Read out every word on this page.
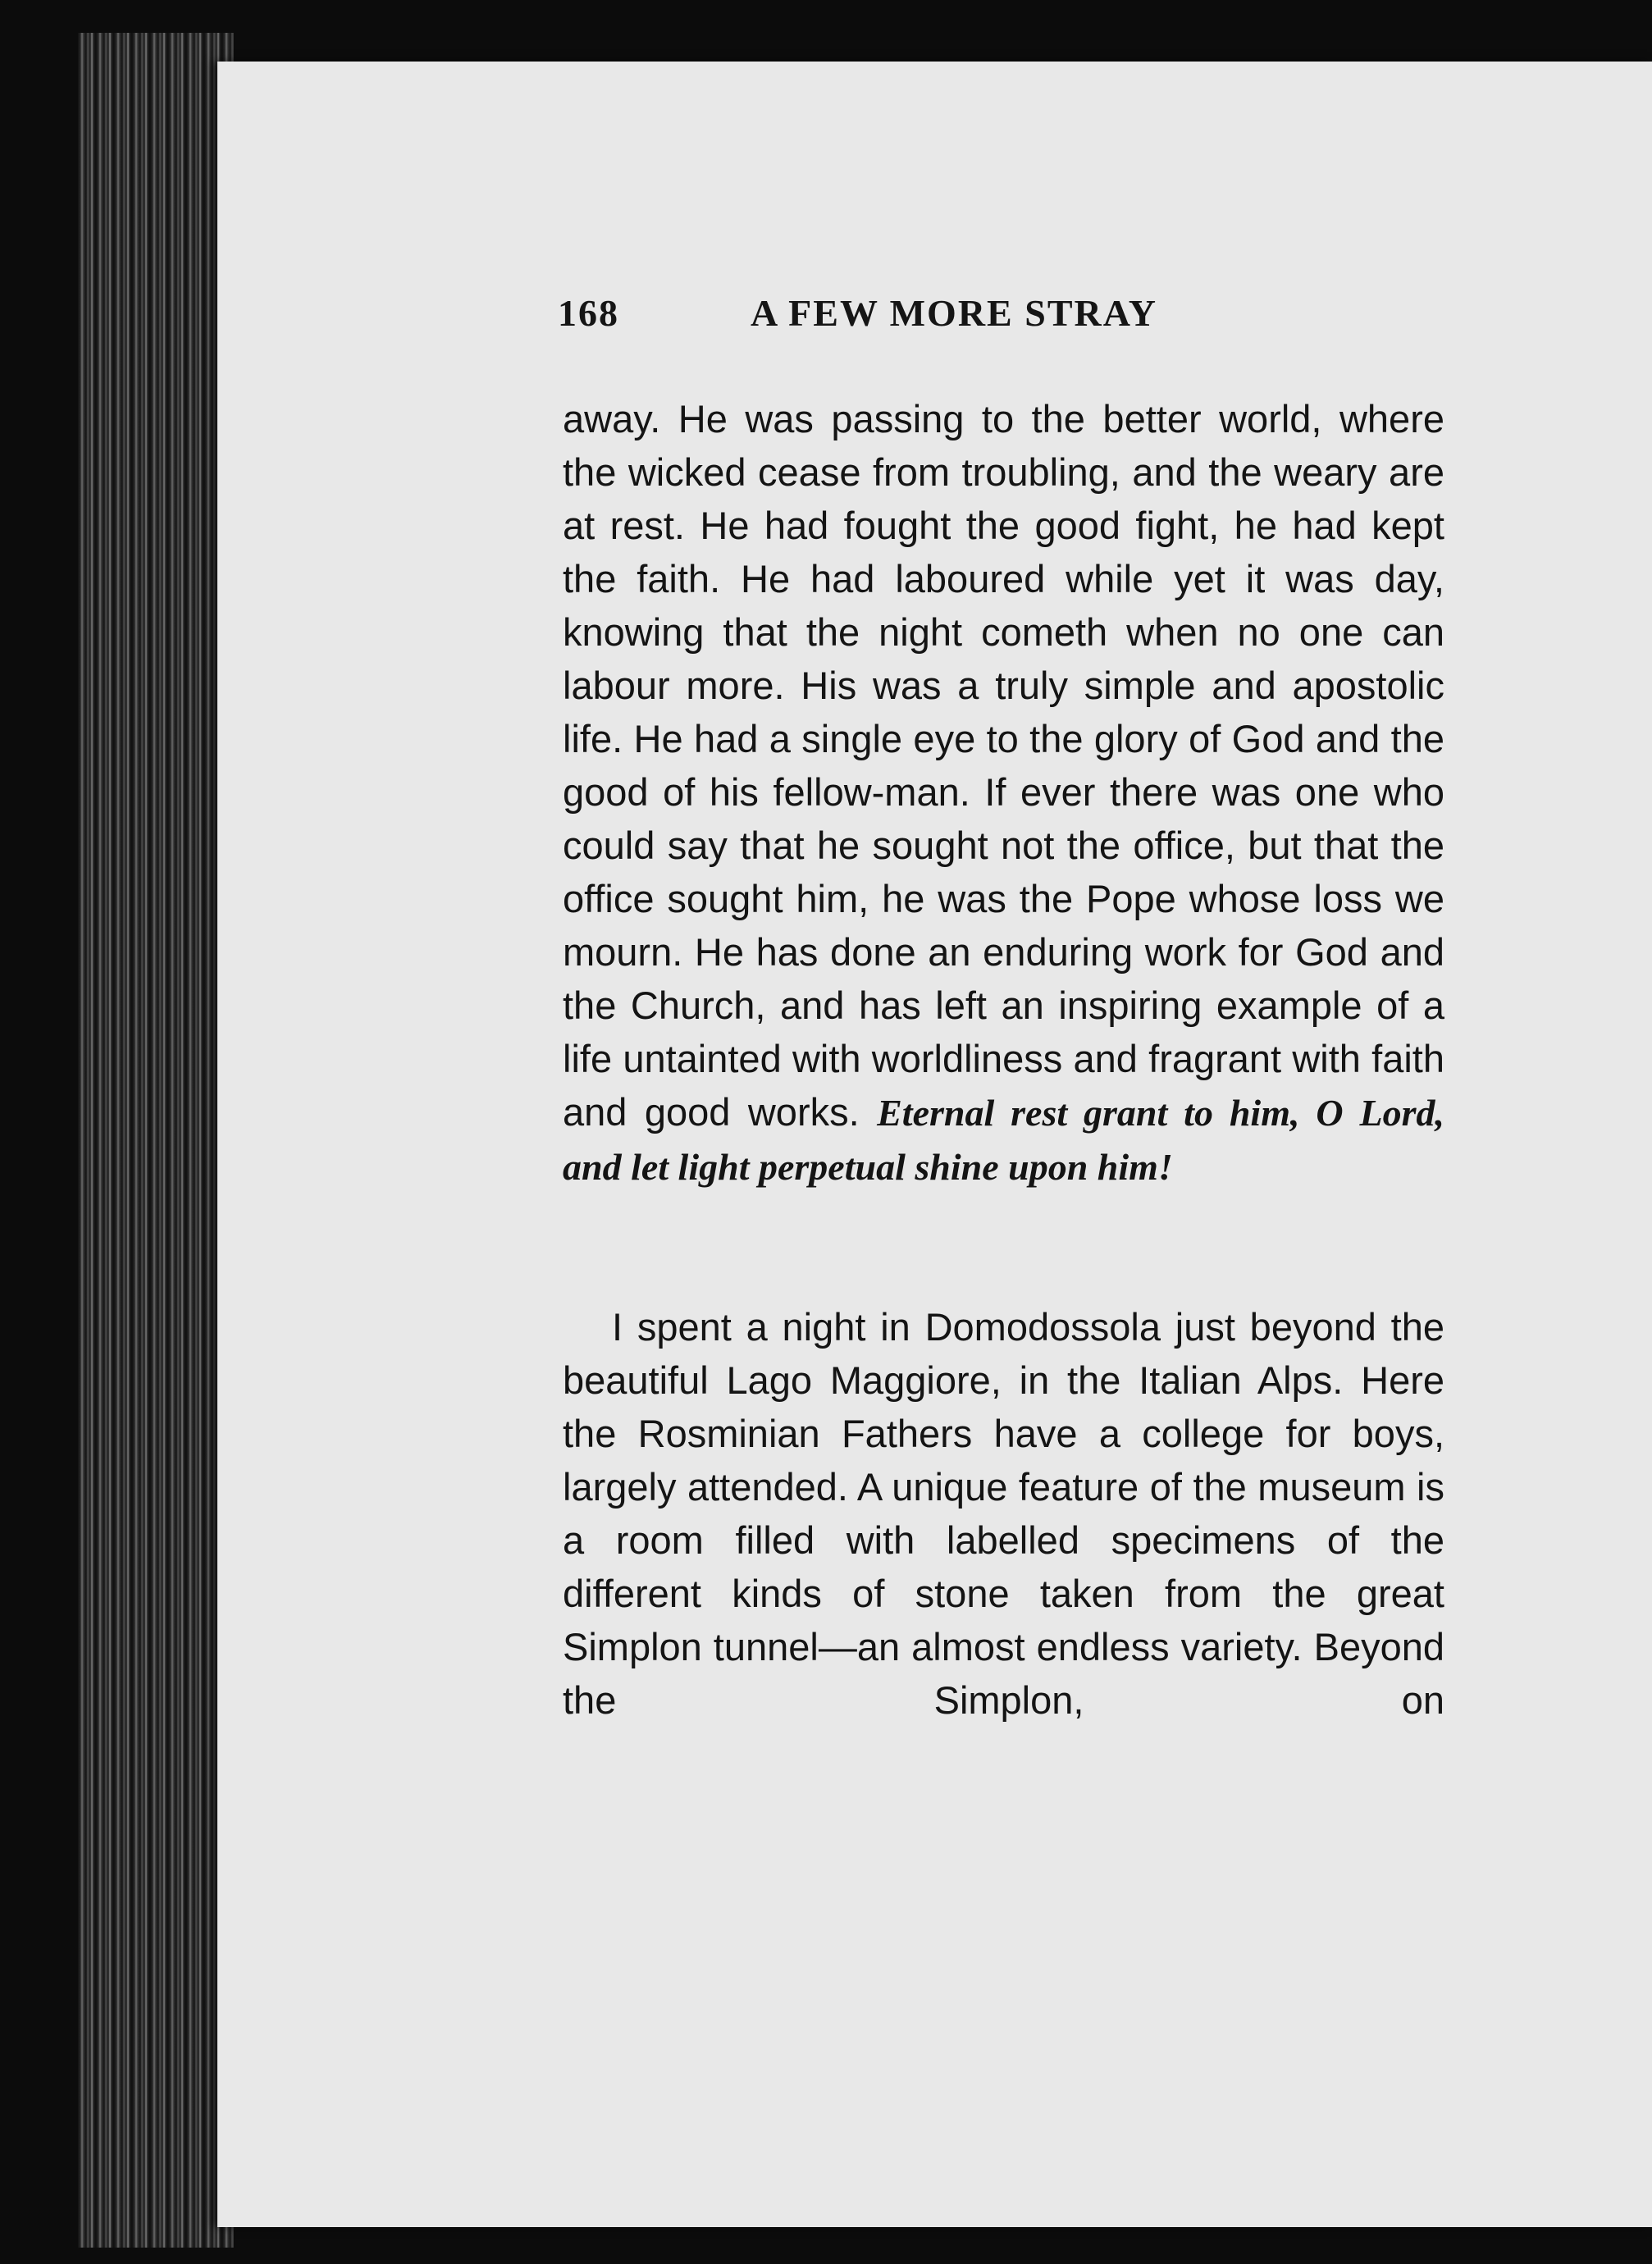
168	A FEW MORE STRAY

away. He was passing to the better world, where the wicked cease from troubling, and the weary are at rest. He had fought the good fight, he had kept the faith. He had laboured while yet it was day, knowing that the night cometh when no one can labour more. His was a truly simple and apostolic life. He had a single eye to the glory of God and the good of his fellow-man. If ever there was one who could say that he sought not the office, but that the office sought him, he was the Pope whose loss we mourn. He has done an enduring work for God and the Church, and has left an inspiring example of a life untainted with worldliness and fragrant with faith and good works. Eternal rest grant to him, O Lord, and let light perpetual shine upon him!

I spent a night in Domodossola just beyond the beautiful Lago Maggiore, in the Italian Alps. Here the Rosminian Fathers have a college for boys, largely attended. A unique feature of the museum is a room filled with labelled specimens of the different kinds of stone taken from the great Simplon tunnel—an almost endless variety. Beyond the Simplon, on
